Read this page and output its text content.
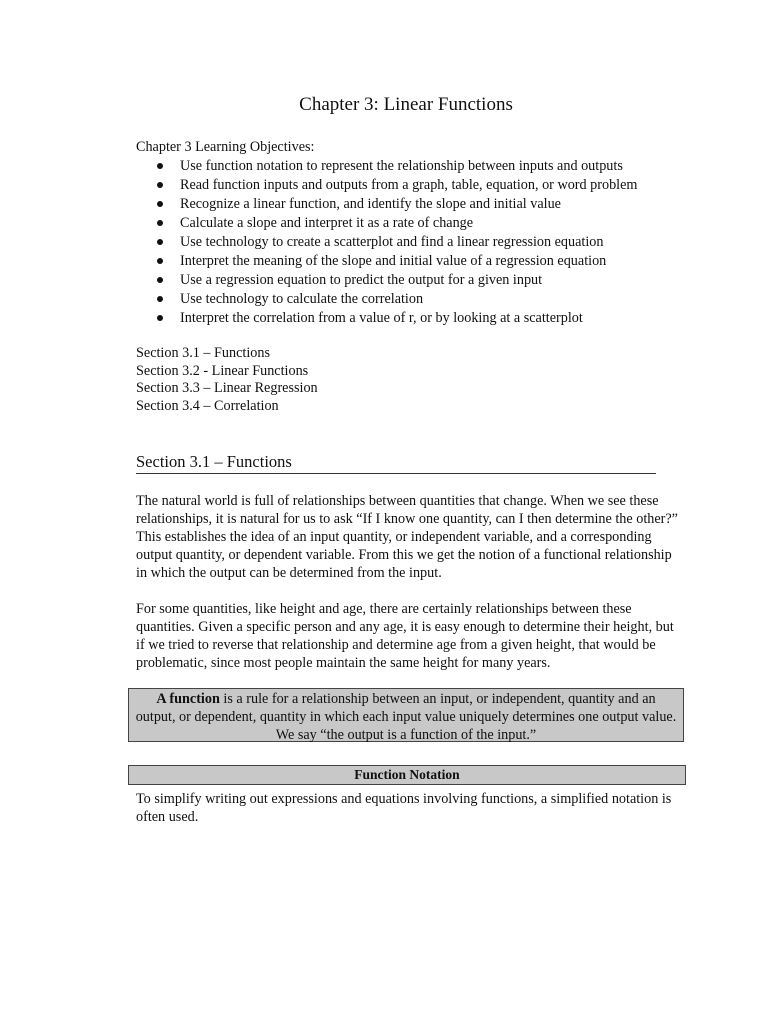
Chapter 3: Linear Functions
Chapter 3 Learning Objectives:
Use function notation to represent the relationship between inputs and outputs
Read function inputs and outputs from a graph, table, equation, or word problem
Recognize a linear function, and identify the slope and initial value
Calculate a slope and interpret it as a rate of change
Use technology to create a scatterplot and find a linear regression equation
Interpret the meaning of the slope and initial value of a regression equation
Use a regression equation to predict the output for a given input
Use technology to calculate the correlation
Interpret the correlation from a value of r, or by looking at a scatterplot
Section 3.1 – Functions
Section 3.2 - Linear Functions
Section 3.3 – Linear Regression
Section 3.4 – Correlation
Section 3.1 – Functions

The natural world is full of relationships between quantities that change. When we see these relationships, it is natural for us to ask “If I know one quantity, can I then determine the other?” This establishes the idea of an input quantity, or independent variable, and a corresponding output quantity, or dependent variable. From this we get the notion of a functional relationship in which the output can be determined from the input.

For some quantities, like height and age, there are certainly relationships between these quantities. Given a specific person and any age, it is easy enough to determine their height, but if we tried to reverse that relationship and determine age from a given height, that would be problematic, since most people maintain the same height for many years.

A function is a rule for a relationship between an input, or independent, quantity and an output, or dependent, quantity in which each input value uniquely determines one output value. We say “the output is a function of the input.”
Function Notation

To simplify writing out expressions and equations involving functions, a simplified notation is often used.
